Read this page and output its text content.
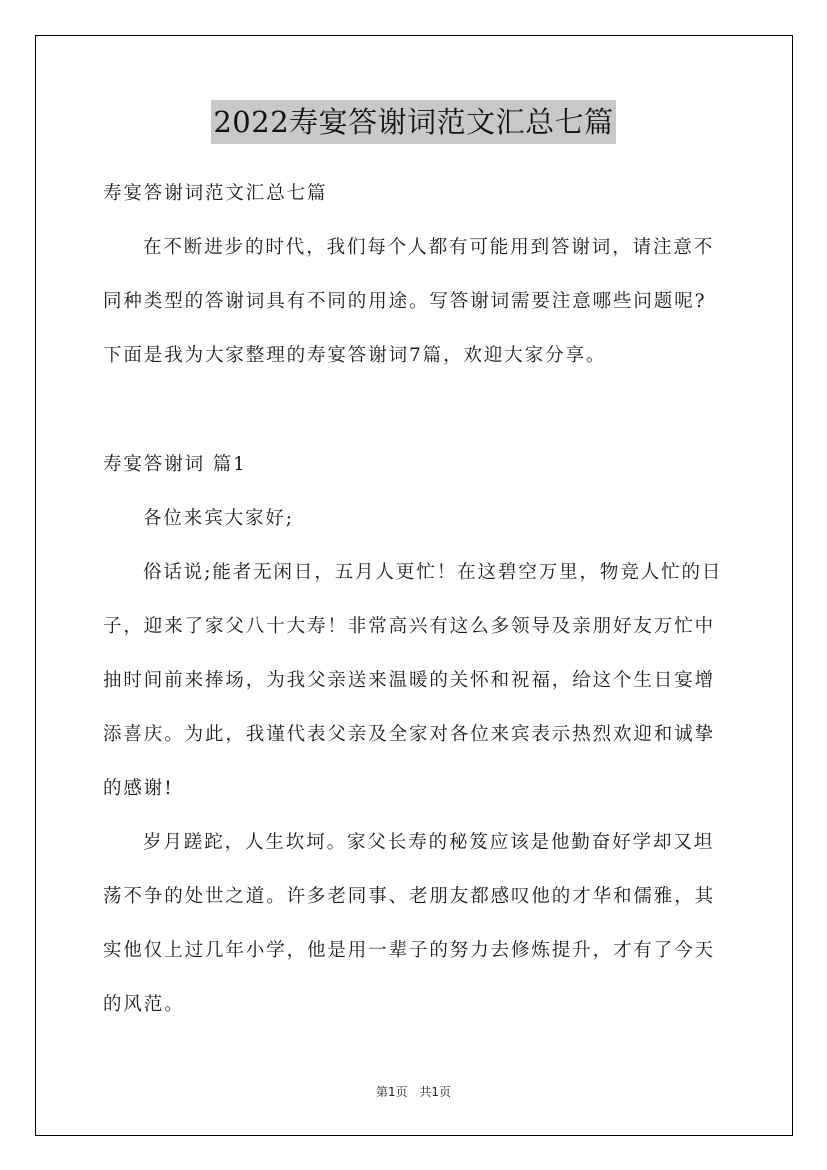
2022寿宴答谢词范文汇总七篇
寿宴答谢词范文汇总七篇
在不断进步的时代，我们每个人都有可能用到答谢词，请注意不
同种类型的答谢词具有不同的用途。写答谢词需要注意哪些问题呢?
下面是我为大家整理的寿宴答谢词7篇，欢迎大家分享。
寿宴答谢词 篇1
各位来宾大家好;
俗话说;能者无闲日，五月人更忙！在这碧空万里，物竞人忙的日
子，迎来了家父八十大寿！非常高兴有这么多领导及亲朋好友万忙中
抽时间前来捧场，为我父亲送来温暖的关怀和祝福，给这个生日宴增
添喜庆。为此，我谨代表父亲及全家对各位来宾表示热烈欢迎和诚挚
的感谢!
岁月蹉跎，人生坎坷。家父长寿的秘笈应该是他勤奋好学却又坦
荡不争的处世之道。许多老同事、老朋友都感叹他的才华和儒雅，其
实他仅上过几年小学，他是用一辈子的努力去修炼提升，才有了今天
的风范。
第1页 共1页
